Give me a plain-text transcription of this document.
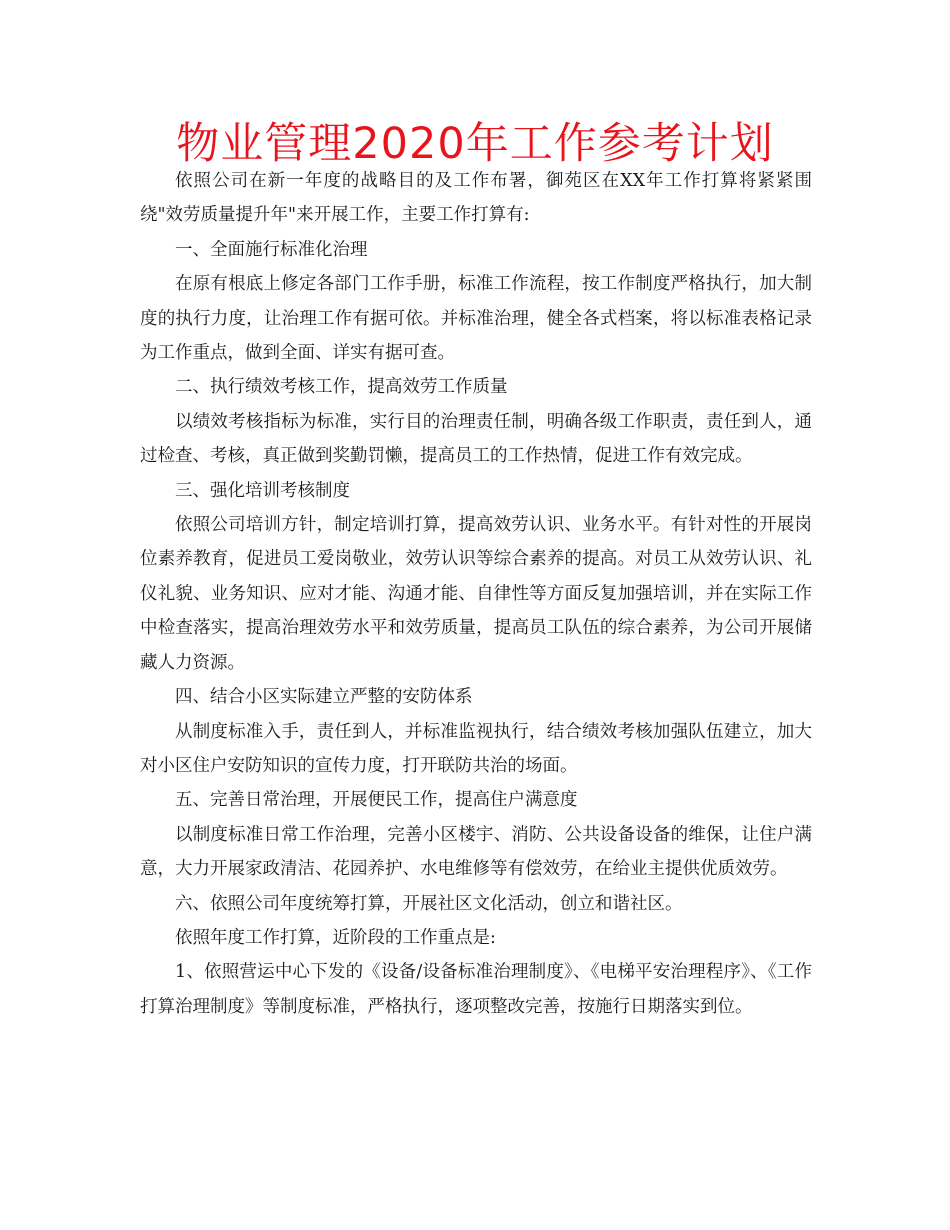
物业管理2020年工作参考计划

依照公司在新一年度的战略目的及工作布署，御苑区在XX年工作打算将紧紧围绕"效劳质量提升年"来开展工作，主要工作打算有:

一、全面施行标准化治理

在原有根底上修定各部门工作手册，标准工作流程，按工作制度严格执行，加大制度的执行力度，让治理工作有据可依。并标准治理，健全各式档案，将以标准表格记录为工作重点，做到全面、详实有据可查。

二、执行绩效考核工作，提高效劳工作质量

以绩效考核指标为标准，实行目的治理责任制，明确各级工作职责，责任到人，通过检查、考核，真正做到奖勤罚懒，提高员工的工作热情，促进工作有效完成。

三、强化培训考核制度

依照公司培训方针，制定培训打算，提高效劳认识、业务水平。有针对性的开展岗位素养教育，促进员工爱岗敬业，效劳认识等综合素养的提高。对员工从效劳认识、礼仪礼貌、业务知识、应对才能、沟通才能、自律性等方面反复加强培训，并在实际工作中检查落实，提高治理效劳水平和效劳质量，提高员工队伍的综合素养，为公司开展储藏人力资源。

四、结合小区实际建立严整的安防体系

从制度标准入手，责任到人，并标准监视执行，结合绩效考核加强队伍建立，加大对小区住户安防知识的宣传力度，打开联防共治的场面。

五、完善日常治理，开展便民工作，提高住户满意度

以制度标准日常工作治理，完善小区楼宇、消防、公共设备设备的维保，让住户满意，大力开展家政清洁、花园养护、水电维修等有偿效劳，在给业主提供优质效劳。

六、依照公司年度统筹打算，开展社区文化活动，创立和谐社区。

依照年度工作打算，近阶段的工作重点是:

1、依照营运中心下发的《设备/设备标准治理制度》、《电梯平安治理程序》、《工作打算治理制度》等制度标准，严格执行，逐项整改完善，按施行日期落实到位。
